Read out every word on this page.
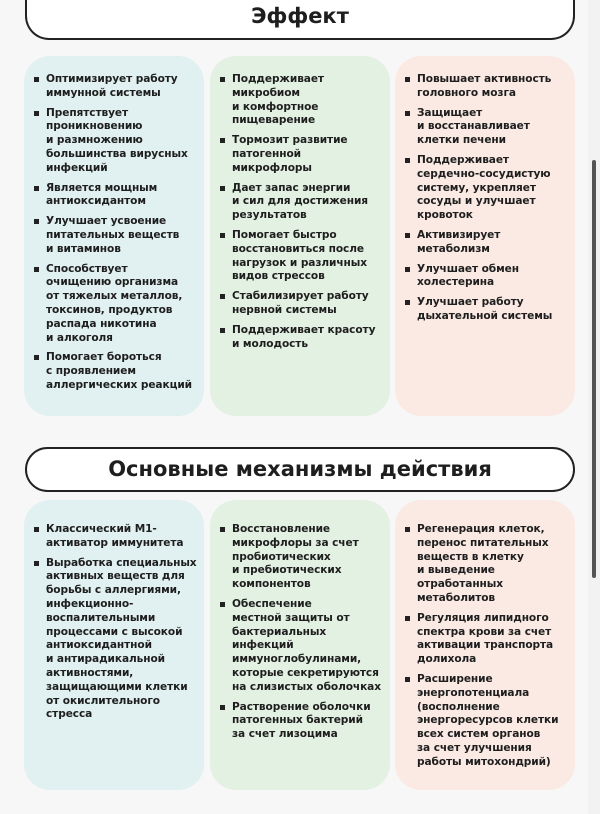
Эффект
Оптимизирует работу
иммунной системы
Препятствует
проникновению
и размножению
большинства вирусных
инфекций
Является мощным
антиоксидантом
Улучшает усвоение
питательных веществ
и витаминов
Способствует
очищению организма
от тяжелых металлов,
токсинов, продуктов
распада никотина
и алкоголя
Помогает бороться
с проявлением
аллергических реакций
Поддерживает
микробиом
и комфортное
пищеварение
Тормозит развитие
патогенной
микрофлоры
Дает запас энергии
и сил для достижения
результатов
Помогает быстро
восстановиться после
нагрузок и различных
видов стрессов
Стабилизирует работу
нервной системы
Поддерживает красоту
и молодость
Повышает активность
головного мозга
Защищает
и восстанавливает
клетки печени
Поддерживает
сердечно-сосудистую
систему, укрепляет
сосуды и улучшает
кровоток
Активизирует
метаболизм
Улучшает обмен
холестерина
Улучшает работу
дыхательной системы
Основные механизмы действия
Классический М1-
активатор иммунитета
Выработка специальных
активных веществ для
борьбы с аллергиями,
инфекционно-
воспалительными
процессами с высокой
антиоксидантной
и антирадикальной
активностями,
защищающими клетки
от окислительного
стресса
Восстановление
микрофлоры за счет
пробиотических
и пребиотических
компонентов
Обеспечение
местной защиты от
бактериальных инфекций
иммуноглобулинами,
которые секретируются
на слизистых оболочках
Растворение оболочки
патогенных бактерий
за счет лизоцима
Регенерация клеток,
перенос питательных
веществ в клетку
и выведение
отработанных
метаболитов
Регуляция липидного
спектра крови за счет
активации транспорта
долихола
Расширение
энергопотенциала
(восполнение
энергоресурсов клетки
всех систем органов
за счет улучшения
работы митохондрий)
